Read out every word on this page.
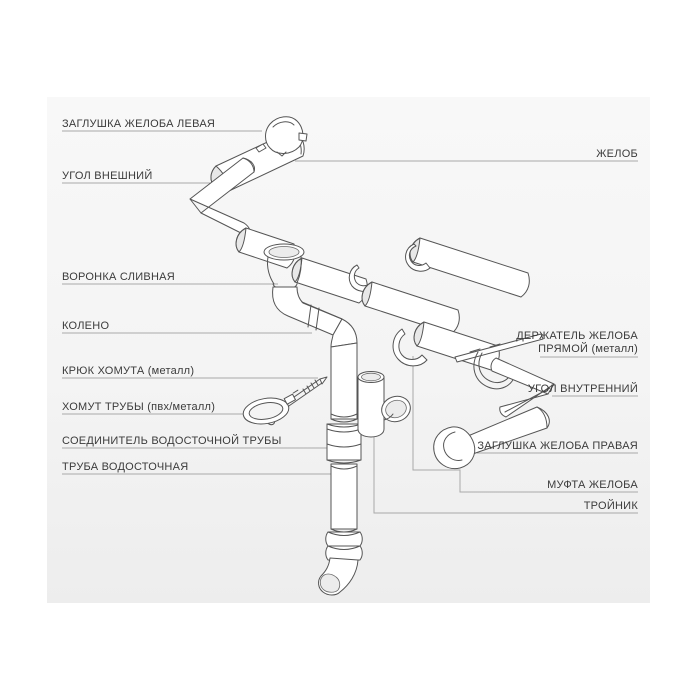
ЗАГЛУШКА ЖЕЛОБА ЛЕВАЯ
УГОЛ ВНЕШНИЙ
ВОРОНКА СЛИВНАЯ
КОЛЕНО
КРЮК ХОМУТА (металл)
ХОМУТ ТРУБЫ (пвх/металл)
СОЕДИНИТЕЛЬ ВОДОСТОЧНОЙ ТРУБЫ
ТРУБА ВОДОСТОЧНАЯ
ЖЕЛОБ
ДЕРЖАТЕЛЬ ЖЕЛОБА
ПРЯМОЙ (металл)
УГОЛ ВНУТРЕННИЙ
ЗАГЛУШКА ЖЕЛОБА ПРАВАЯ
МУФТА ЖЕЛОБА
ТРОЙНИК
